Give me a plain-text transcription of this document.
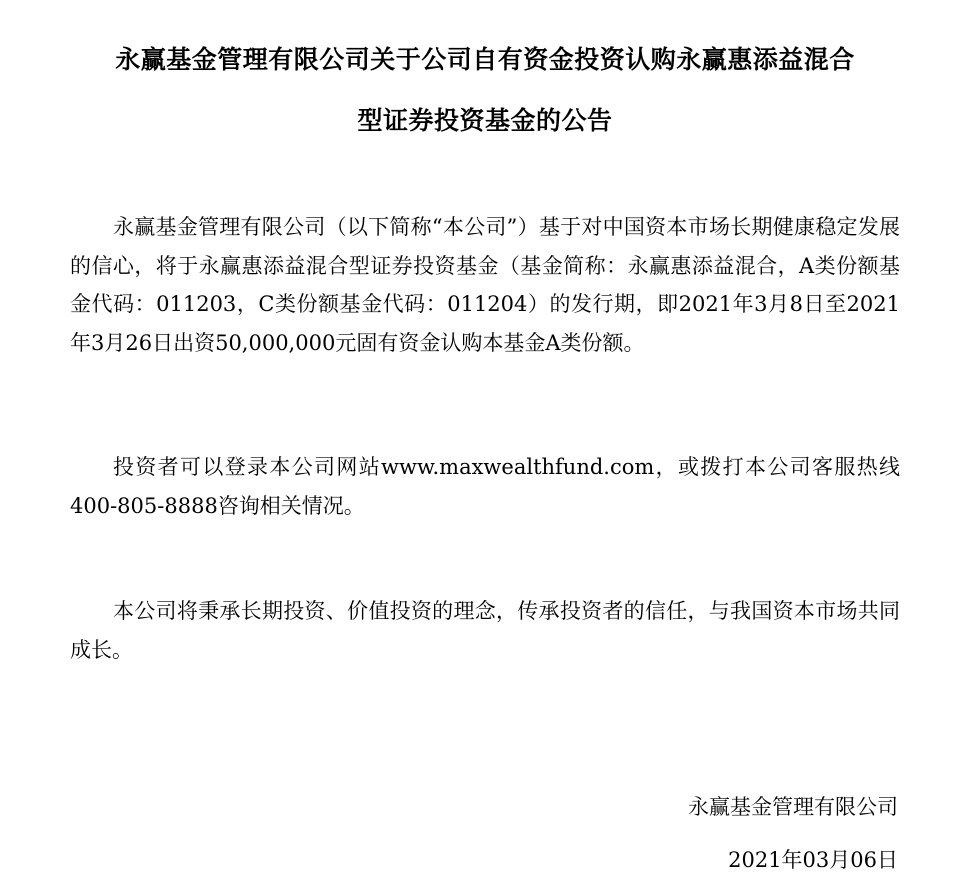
永赢基金管理有限公司关于公司自有资金投资认购永赢惠添益混合
型证券投资基金的公告

永赢基金管理有限公司（以下简称“本公司”）基于对中国资本市场长期健康稳定发展的信心，将于永赢惠添益混合型证券投资基金（基金简称：永赢惠添益混合，A类份额基金代码：011203，C类份额基金代码：011204）的发行期，即2021年3月8日至2021年3月26日出资50,000,000元固有资金认购本基金A类份额。

投资者可以登录本公司网站www.maxwealthfund.com，或拨打本公司客服热线400-805-8888咨询相关情况。

本公司将秉承长期投资、价值投资的理念，传承投资者的信任，与我国资本市场共同成长。

永赢基金管理有限公司
2021年03月06日
